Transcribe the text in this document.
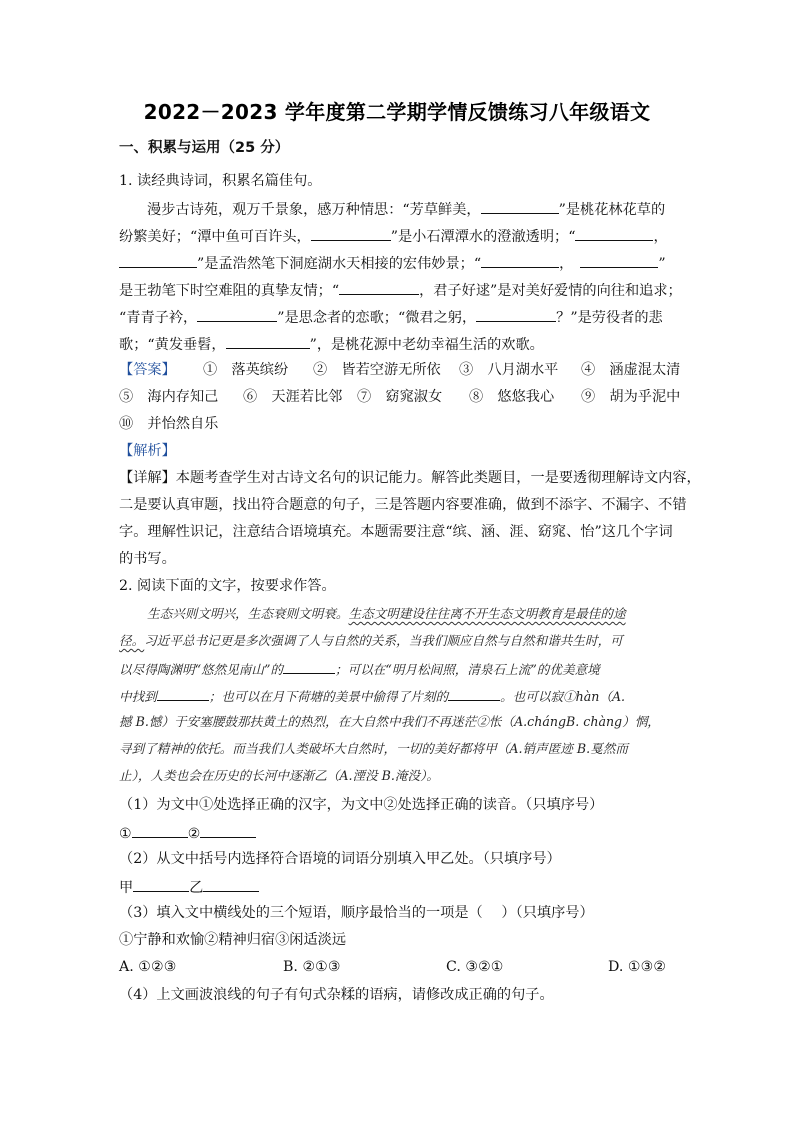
2022－2023 学年度第二学期学情反馈练习八年级语文
一、积累与运用（25 分）
1. 读经典诗词，积累名篇佳句。
漫步古诗苑，观万千景象，感万种情思：“芳草鲜美，	”是桃花林花草的
纷繁美好；“潭中鱼可百许头，	”是小石潭潭水的澄澈透明；“	，
”是孟浩然笔下洞庭湖水天相接的宏伟妙景；“	，　	”
是王勃笔下时空难阻的真挚友情；“	，君子好逑”是对美好爱情的向往和追求；
“青青子衿，	”是思念者的恋歌；“微君之躬，	？”是劳役者的悲
歌；“黄发垂髫，	”，是桃花源中老幼幸福生活的欢歌。
【答案】 ①　落英缤纷 ②　皆若空游无所依 ③　八月湖水平 ④　涵虚混太清
⑤　海内存知己 ⑥　天涯若比邻 ⑦　窈窕淑女 ⑧　悠悠我心 ⑨　胡为乎泥中
⑩　并怡然自乐
【解析】
【详解】本题考查学生对古诗文名句的识记能力。解答此类题目，一是要透彻理解诗文内容，
二是要认真审题，找出符合题意的句子，三是答题内容要准确，做到不添字、不漏字、不错
字。理解性识记，注意结合语境填充。本题需要注意“缤、涵、涯、窈窕、怡”这几个字词
的书写。
2. 阅读下面的文字，按要求作答。
生态兴则文明兴，生态衰则文明衰。生态文明建设往往离不开生态文明教育是最佳的途
径。习近平总书记更是多次强调了人与自然的关系，当我们顺应自然与自然和谐共生时，可
以尽得陶渊明“悠然见南山”的	；可以在“明月松间照，清泉石上流”的优美意境
中找到	；也可以在月下荷塘的美景中偷得了片刻的	。也可以寂①hàn（A.
撼 B.憾）于安塞腰鼓那扶黄土的热烈，在大自然中我们不再迷茫②怅（A.chángB. chàng）惘，
寻到了精神的依托。而当我们人类破坏大自然时，一切的美好都将甲（A.销声匿迹 B.戛然而
止），人类也会在历史的长河中逐渐乙（A.湮没 B.淹没）。
（1）为文中①处选择正确的汉字，为文中②处选择正确的读音。（只填序号）
①	②
（2）从文中括号内选择符合语境的词语分别填入甲乙处。（只填序号）
甲	乙
（3）填入文中横线处的三个短语，顺序最恰当的一项是（　 ）（只填序号）
①宁静和欢愉②精神归宿③闲适淡远
A. ①②③	B. ②①③	C. ③②①	D. ①③②
（4）上文画波浪线的句子有句式杂糅的语病，请修改成正确的句子。
